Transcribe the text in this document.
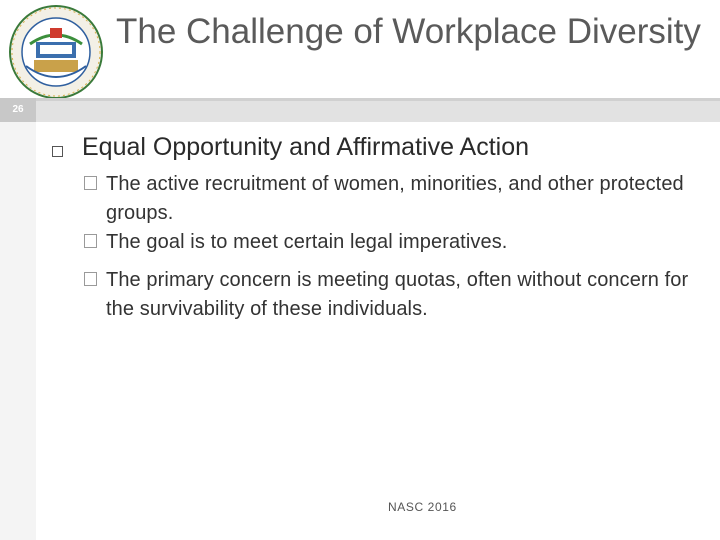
The Challenge of Workplace Diversity
26

Equal Opportunity and Affirmative Action

The active recruitment of women, minorities, and other protected groups.
The goal is to meet certain legal imperatives.
The primary concern is meeting quotas, often without concern for the survivability of these individuals.
NASC 2016
